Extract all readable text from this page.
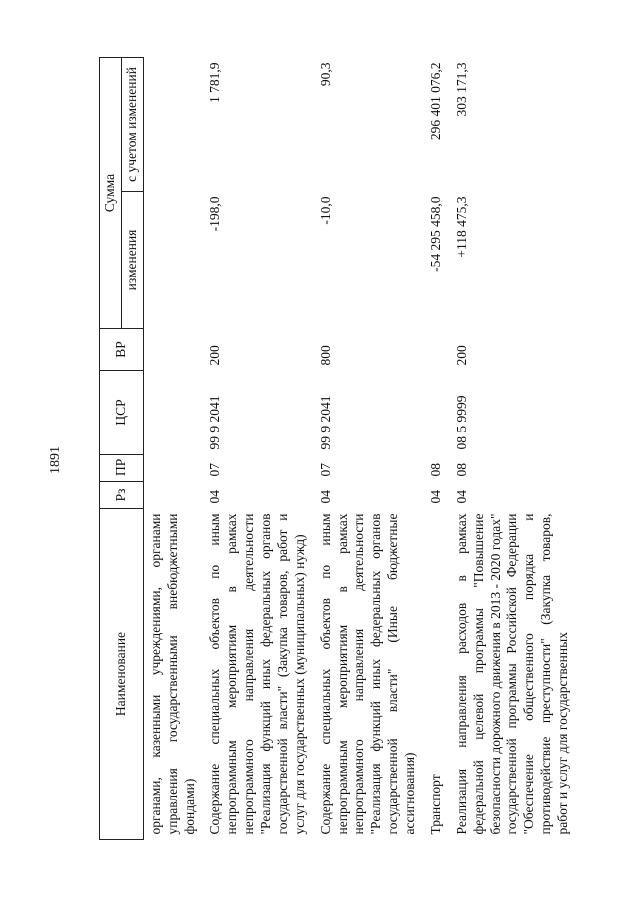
1891
Наименование	Рз	ПР	ЦСР	ВР	Сумма	
					изменения	с учетом изменений
органами, казенными учреждениями, органами управления государственными внебюджетными фондами)						
Содержание специальных объектов по иным непрограммным мероприятиям в рамках непрограммного направления деятельности "Реализация функций иных федеральных органов государственной власти" (Закупка товаров, работ и услуг для государственных (муниципальных) нужд)	04	07	99 9 2041	200	-198,0	1 781,9
Содержание специальных объектов по иным непрограммным мероприятиям в рамках непрограммного направления деятельности "Реализация функций иных федеральных органов государственной власти" (Иные бюджетные ассигнования)	04	07	99 9 2041	800	-10,0	90,3
Транспорт	04	08			-54 295 458,0	296 401 076,2
Реализация направления расходов в рамках федеральной целевой программы "Повышение безопасности дорожного движения в 2013 - 2020 годах" государственной программы Российской Федерации "Обеспечение общественного порядка и противодействие преступности" (Закупка товаров, работ и услуг для государственных	04	08	08 5 9999	200	+118 475,3	303 171,3
